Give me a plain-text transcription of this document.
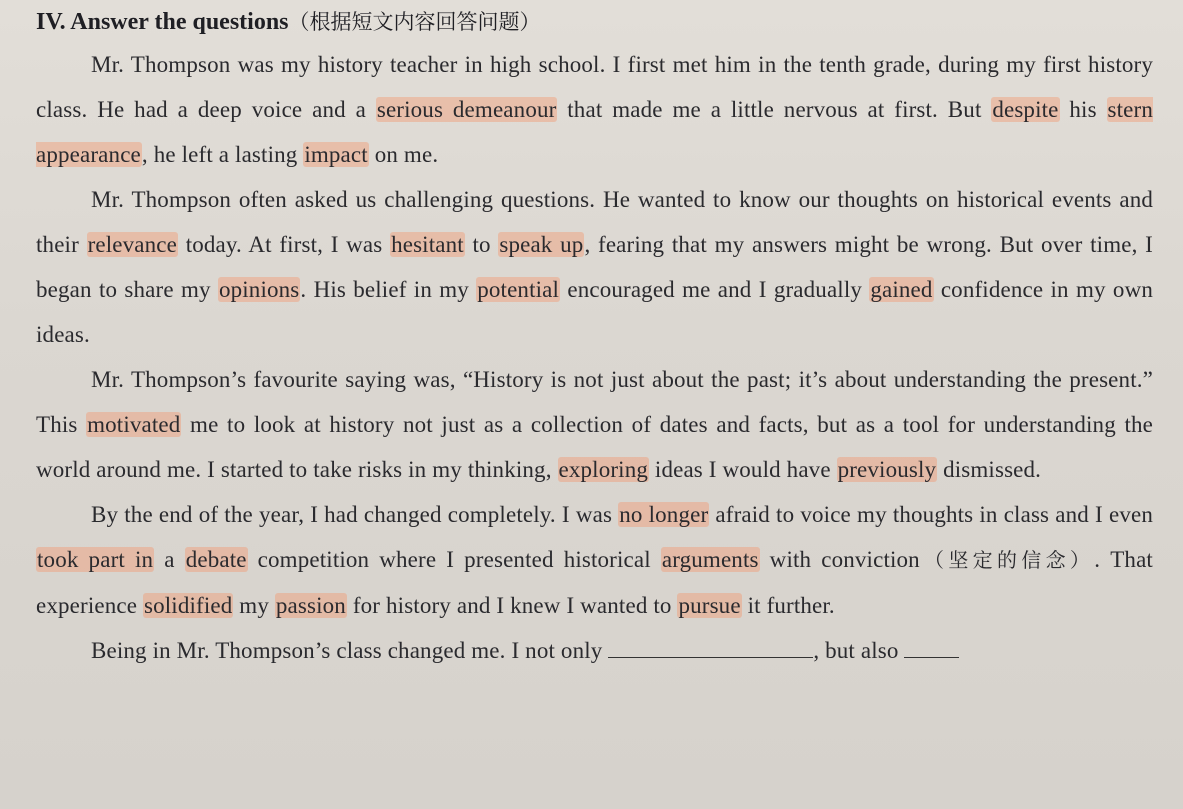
IV. Answer the questions（根据短文内容回答问题）

Mr. Thompson was my history teacher in high school. I first met him in the tenth grade, during my first history class. He had a deep voice and a serious demeanour that made me a little nervous at first. But despite his stern appearance, he left a lasting impact on me.

Mr. Thompson often asked us challenging questions. He wanted to know our thoughts on historical events and their relevance today. At first, I was hesitant to speak up, fearing that my answers might be wrong. But over time, I began to share my opinions. His belief in my potential encouraged me and I gradually gained confidence in my own ideas.

Mr. Thompson’s favourite saying was, “History is not just about the past; it’s about understanding the present.” This motivated me to look at history not just as a collection of dates and facts, but as a tool for understanding the world around me. I started to take risks in my thinking, exploring ideas I would have previously dismissed.

By the end of the year, I had changed completely. I was no longer afraid to voice my thoughts in class and I even took part in a debate competition where I presented historical arguments with conviction（坚定的信念）. That experience solidified my passion for history and I knew I wanted to pursue it further.

Being in Mr. Thompson’s class changed me. I not only	, but also
